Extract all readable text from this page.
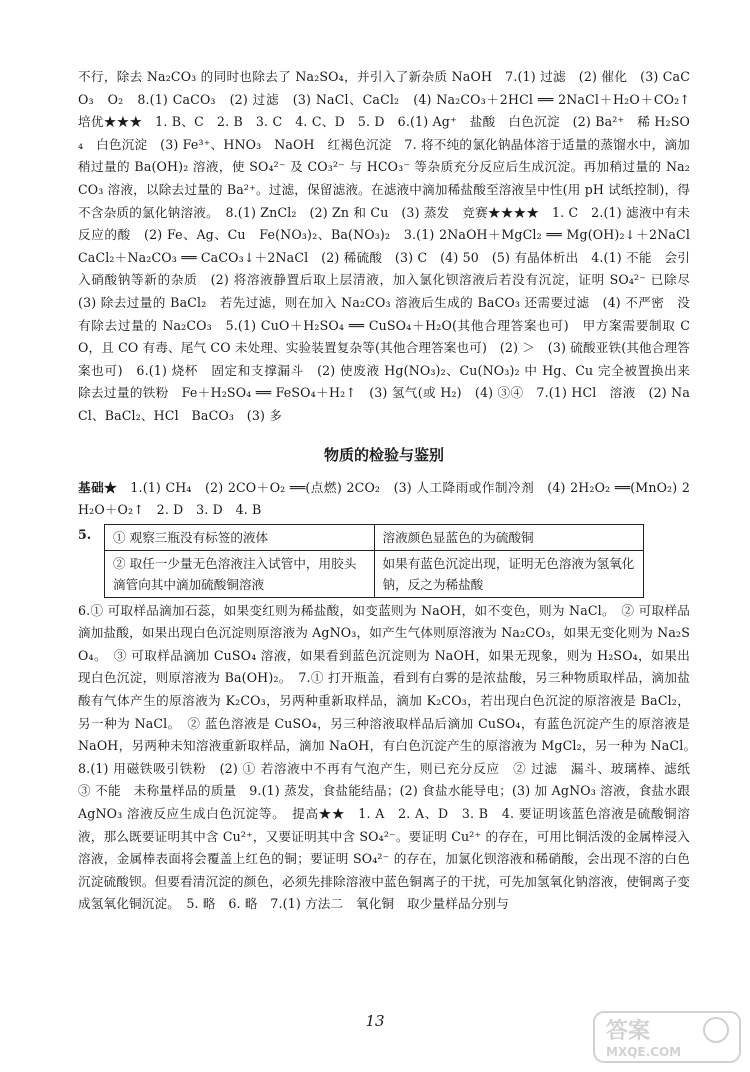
不行，除去 Na₂CO₃ 的同时也除去了 Na₂SO₄，并引入了新杂质 NaOH　7.(1) 过滤　(2) 催化　(3) CaCO₃　O₂　8.(1) CaCO₃　(2) 过滤　(3) NaCl、CaCl₂　(4) Na₂CO₃＋2HCl ══ 2NaCl＋H₂O＋CO₂↑　培优★★★　1. B、C　2. B　3. C　4. C、D　5. D　6.(1) Ag⁺　盐酸　白色沉淀　(2) Ba²⁺　稀 H₂SO₄　白色沉淀　(3) Fe³⁺、HNO₃　NaOH　红褐色沉淀　7. 将不纯的氯化钠晶体溶于适量的蒸馏水中，滴加稍过量的 Ba(OH)₂ 溶液，使 SO₄²⁻ 及 CO₃²⁻ 与 HCO₃⁻ 等杂质充分反应后生成沉淀。再加稍过量的 Na₂CO₃ 溶液，以除去过量的 Ba²⁺。过滤，保留滤液。在滤液中滴加稀盐酸至溶液呈中性(用 pH 试纸控制)，得不含杂质的氯化钠溶液。　8.(1) ZnCl₂　(2) Zn 和 Cu　(3) 蒸发　竞赛★★★★　1. C　2.(1) 滤液中有未反应的酸　(2) Fe、Ag、Cu　Fe(NO₃)₂、Ba(NO₃)₂　3.(1) 2NaOH＋MgCl₂ ══ Mg(OH)₂↓＋2NaCl　CaCl₂＋Na₂CO₃ ══ CaCO₃↓＋2NaCl　(2) 稀硫酸　(3) C　(4) 50　(5) 有晶体析出　4.(1) 不能　会引入硝酸钠等新的杂质　(2) 将溶液静置后取上层清液，加入氯化钡溶液后若没有沉淀，证明 SO₄²⁻ 已除尽　(3) 除去过量的 BaCl₂　若先过滤，则在加入 Na₂CO₃ 溶液后生成的 BaCO₃ 还需要过滤　(4) 不严密　没有除去过量的 Na₂CO₃　5.(1) CuO＋H₂SO₄ ══ CuSO₄＋H₂O(其他合理答案也可)　甲方案需要制取 CO，且 CO 有毒、尾气 CO 未处理、实验装置复杂等(其他合理答案也可)　(2) ＞　(3) 硫酸亚铁(其他合理答案也可)　6.(1) 烧杯　固定和支撑漏斗　(2) 使废液 Hg(NO₃)₂、Cu(NO₃)₂ 中 Hg、Cu 完全被置换出来　除去过量的铁粉　Fe＋H₂SO₄ ══ FeSO₄＋H₂↑　(3) 氢气(或 H₂)　(4) ③④　7.(1) HCl　溶液　(2) NaCl、BaCl₂、HCl　BaCO₃　(3) 多

物质的检验与鉴别

基础★　1.(1) CH₄　(2) 2CO＋O₂ ══(点燃) 2CO₂　(3) 人工降雨或作制冷剂　(4) 2H₂O₂ ══(MnO₂) 2H₂O＋O₂↑　2. D　3. D　4. B

5.	① 观察三瓶没有标签的液体	溶液颜色显蓝色的为硫酸铜
② 取任一少量无色溶液注入试管中，用胶头滴管向其中滴加硫酸铜溶液	如果有蓝色沉淀出现，证明无色溶液为氢氧化钠，反之为稀盐酸

6.① 可取样品滴加石蕊，如果变红则为稀盐酸，如变蓝则为 NaOH，如不变色，则为 NaCl。　② 可取样品滴加盐酸，如果出现白色沉淀则原溶液为 AgNO₃，如产生气体则原溶液为 Na₂CO₃，如果无变化则为 Na₂SO₄。　③ 可取样品滴加 CuSO₄ 溶液，如果看到蓝色沉淀则为 NaOH，如果无现象，则为 H₂SO₄，如果出现白色沉淀，则原溶液为 Ba(OH)₂。　7.① 打开瓶盖，看到有白雾的是浓盐酸，另三种物质取样品，滴加盐酸有气体产生的原溶液为 K₂CO₃，另两种重新取样品，滴加 K₂CO₃，若出现白色沉淀的原溶液是 BaCl₂，另一种为 NaCl。　② 蓝色溶液是 CuSO₄，另三种溶液取样品后滴加 CuSO₄，有蓝色沉淀产生的原溶液是 NaOH，另两种未知溶液重新取样品，滴加 NaOH，有白色沉淀产生的原溶液为 MgCl₂，另一种为 NaCl。　8.(1) 用磁铁吸引铁粉　(2) ① 若溶液中不再有气泡产生，则已充分反应　② 过滤　漏斗、玻璃棒、滤纸　③ 不能　未称量样品的质量　9.(1) 蒸发，食盐能结晶；(2) 食盐水能导电；(3) 加 AgNO₃ 溶液，食盐水跟 AgNO₃ 溶液反应生成白色沉淀等。　提高★★　1. A　2. A、D　3. B　4. 要证明该蓝色溶液是硫酸铜溶液，那么既要证明其中含 Cu²⁺，又要证明其中含 SO₄²⁻。要证明 Cu²⁺ 的存在，可用比铜活泼的金属棒浸入溶液，金属棒表面将会覆盖上红色的铜；要证明 SO₄²⁻ 的存在，加氯化钡溶液和稀硝酸，会出现不溶的白色沉淀硫酸钡。但要看清沉淀的颜色，必须先排除溶液中蓝色铜离子的干扰，可先加氢氧化钠溶液，使铜离子变成氢氧化铜沉淀。　5. 略　6. 略　7.(1) 方法二　氧化铜　取少量样品分别与

13	答案
MXQE.COM
